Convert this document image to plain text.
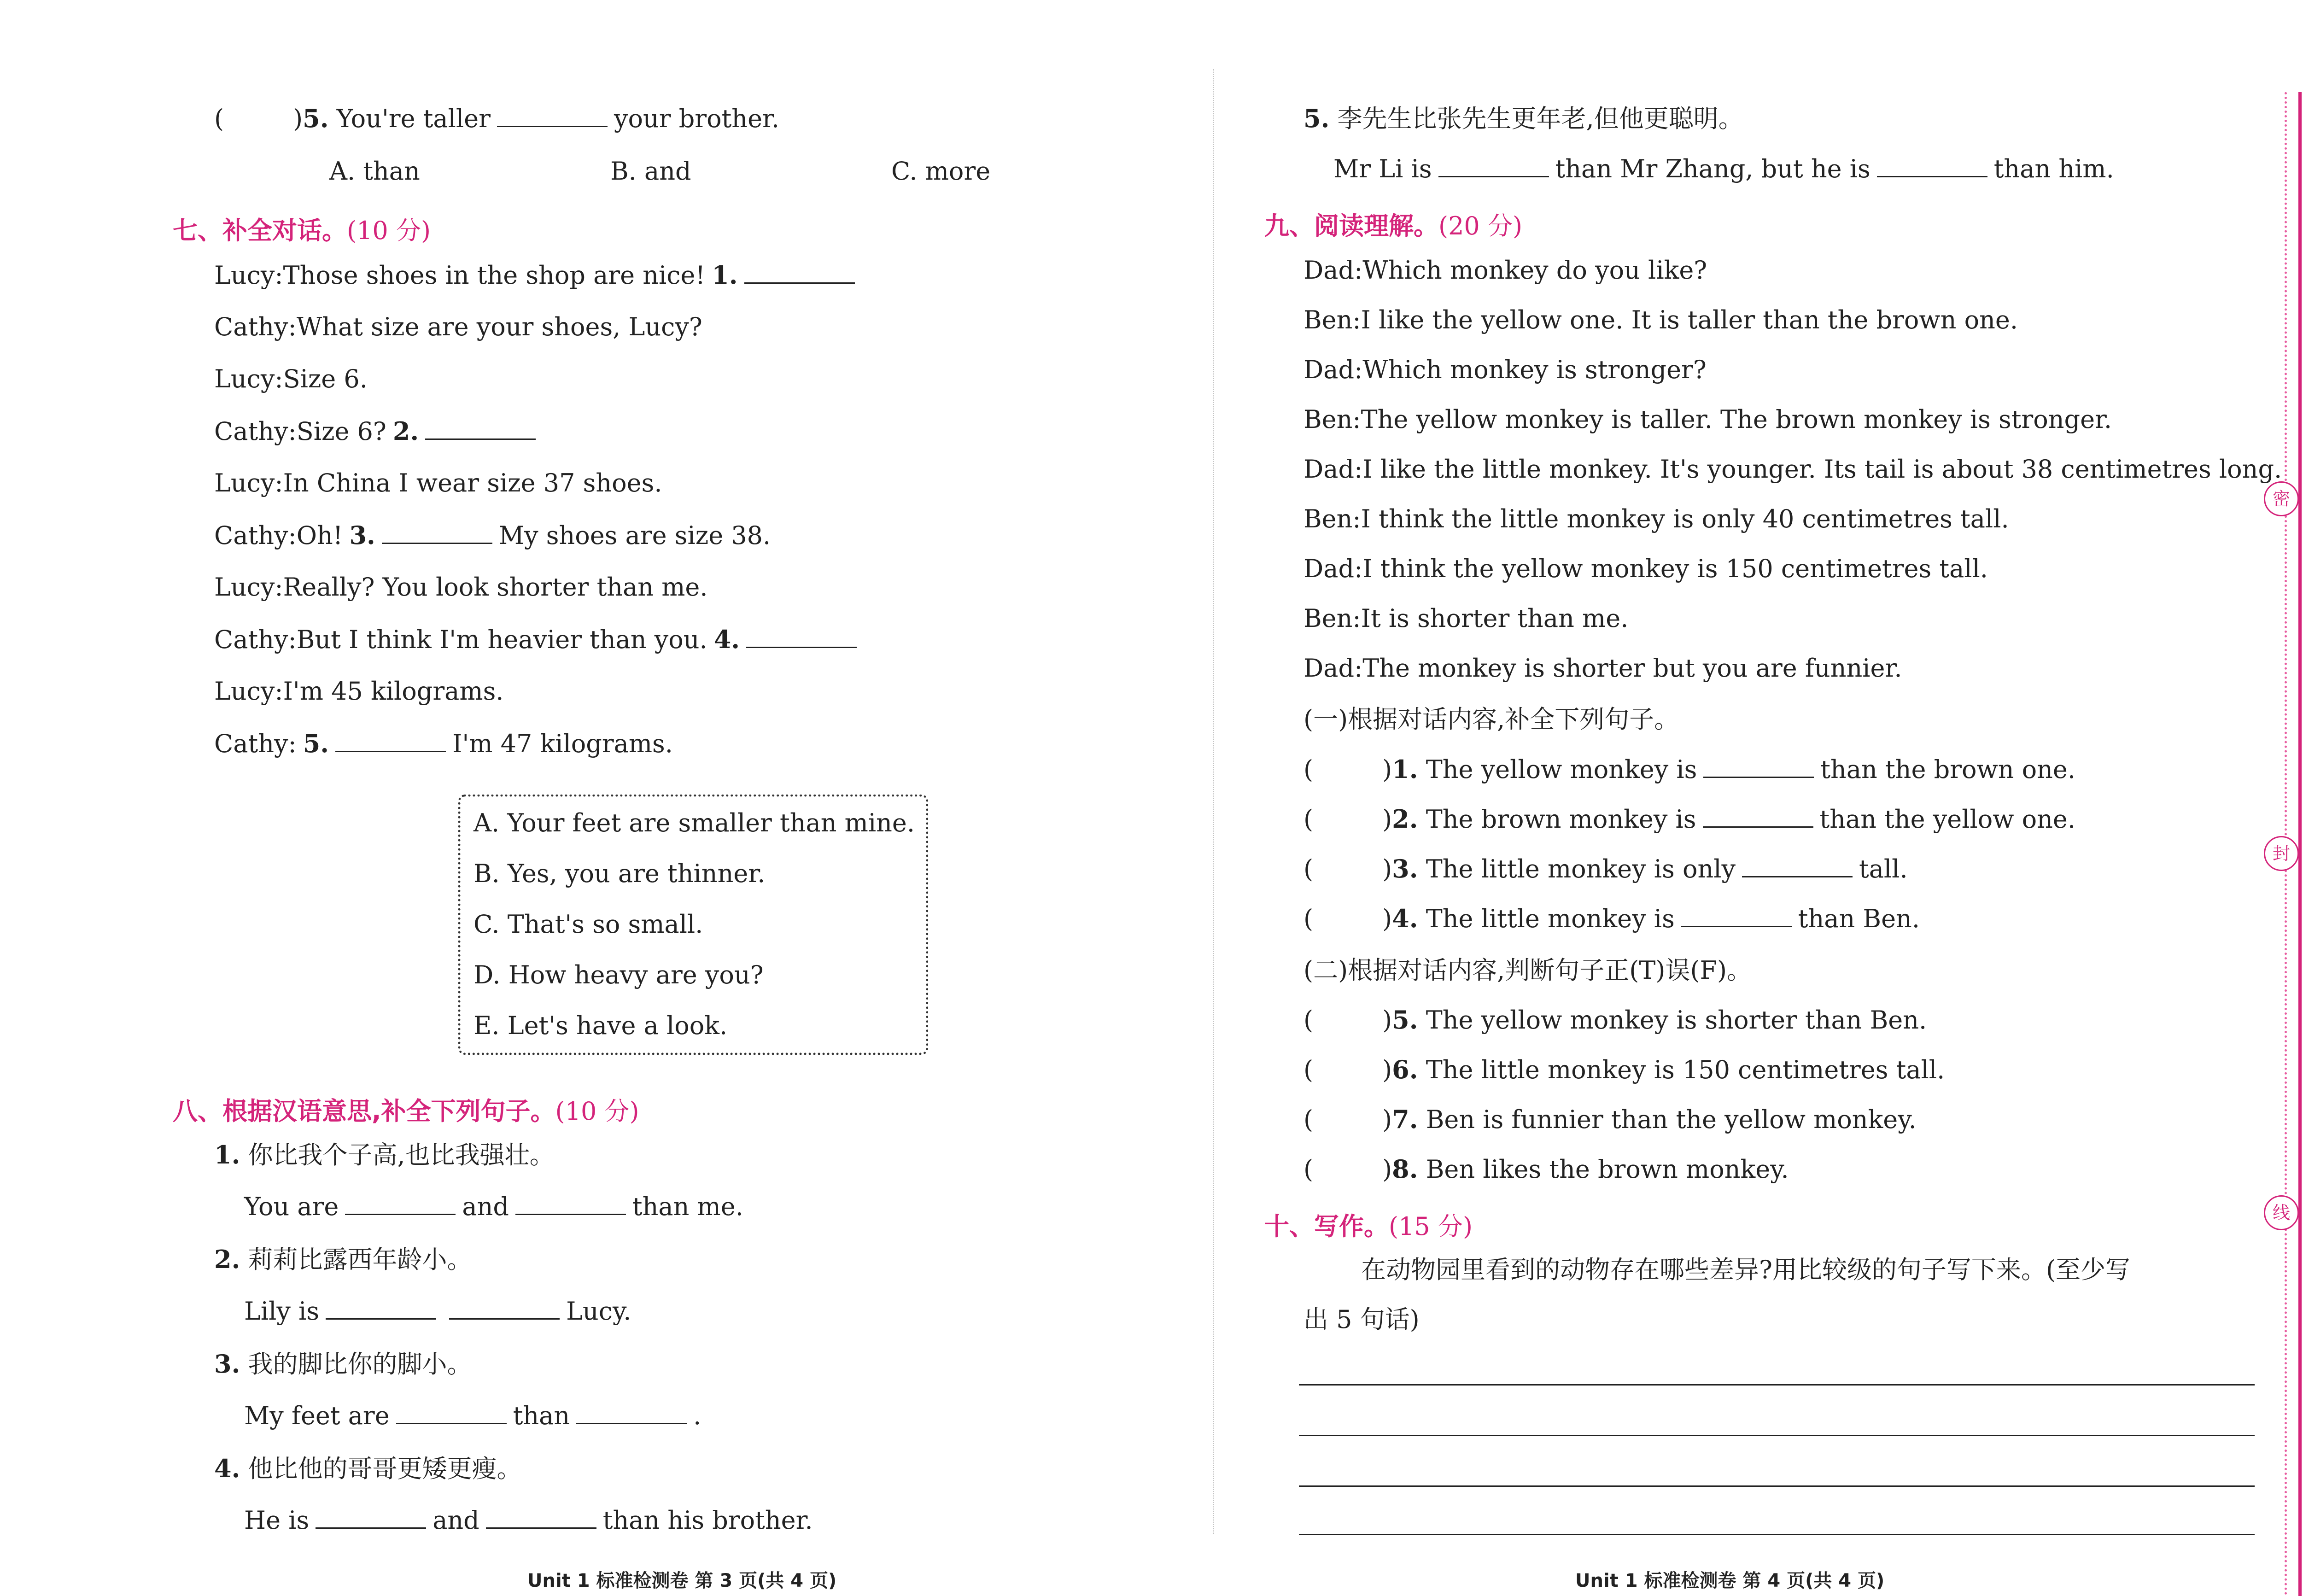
密
封
线
(	)5. You're taller	your brother.
A. than	B. and	C. more
七、补全对话。(10 分)
Lucy:Those shoes in the shop are nice! 1.
Cathy:What size are your shoes, Lucy?
Lucy:Size 6.
Cathy:Size 6? 2.
Lucy:In China I wear size 37 shoes.
Cathy:Oh! 3.	My shoes are size 38.
Lucy:Really? You look shorter than me.
Cathy:But I think I'm heavier than you. 4.
Lucy:I'm 45 kilograms.
Cathy: 5.	I'm 47 kilograms.
A. Your feet are smaller than mine.
B. Yes, you are thinner.
C. That's so small.
D. How heavy are you?
E. Let's have a look.
八、根据汉语意思,补全下列句子。(10 分)
1. 你比我个子高,也比我强壮。
You are	and	than me.
2. 莉莉比露西年龄小。
Lily is	Lucy.
3. 我的脚比你的脚小。
My feet are	than	.
4. 他比他的哥哥更矮更瘦。
He is	and	than his brother.
Unit 1 标准检测卷 第 3 页(共 4 页)
5. 李先生比张先生更年老,但他更聪明。
Mr Li is	than Mr Zhang, but he is	than him.
九、阅读理解。(20 分)
Dad:Which monkey do you like?
Ben:I like the yellow one. It is taller than the brown one.
Dad:Which monkey is stronger?
Ben:The yellow monkey is taller. The brown monkey is stronger.
Dad:I like the little monkey. It's younger. Its tail is about 38 centimetres long.
Ben:I think the little monkey is only 40 centimetres tall.
Dad:I think the yellow monkey is 150 centimetres tall.
Ben:It is shorter than me.
Dad:The monkey is shorter but you are funnier.
(一)根据对话内容,补全下列句子。
(	)1. The yellow monkey is	than the brown one.
(	)2. The brown monkey is	than the yellow one.
(	)3. The little monkey is only	tall.
(	)4. The little monkey is	than Ben.
(二)根据对话内容,判断句子正(T)误(F)。
(	)5. The yellow monkey is shorter than Ben.
(	)6. The little monkey is 150 centimetres tall.
(	)7. Ben is funnier than the yellow monkey.
(	)8. Ben likes the brown monkey.
十、写作。(15 分)
在动物园里看到的动物存在哪些差异?用比较级的句子写下来。(至少写
出 5 句话)
Unit 1 标准检测卷 第 4 页(共 4 页)
